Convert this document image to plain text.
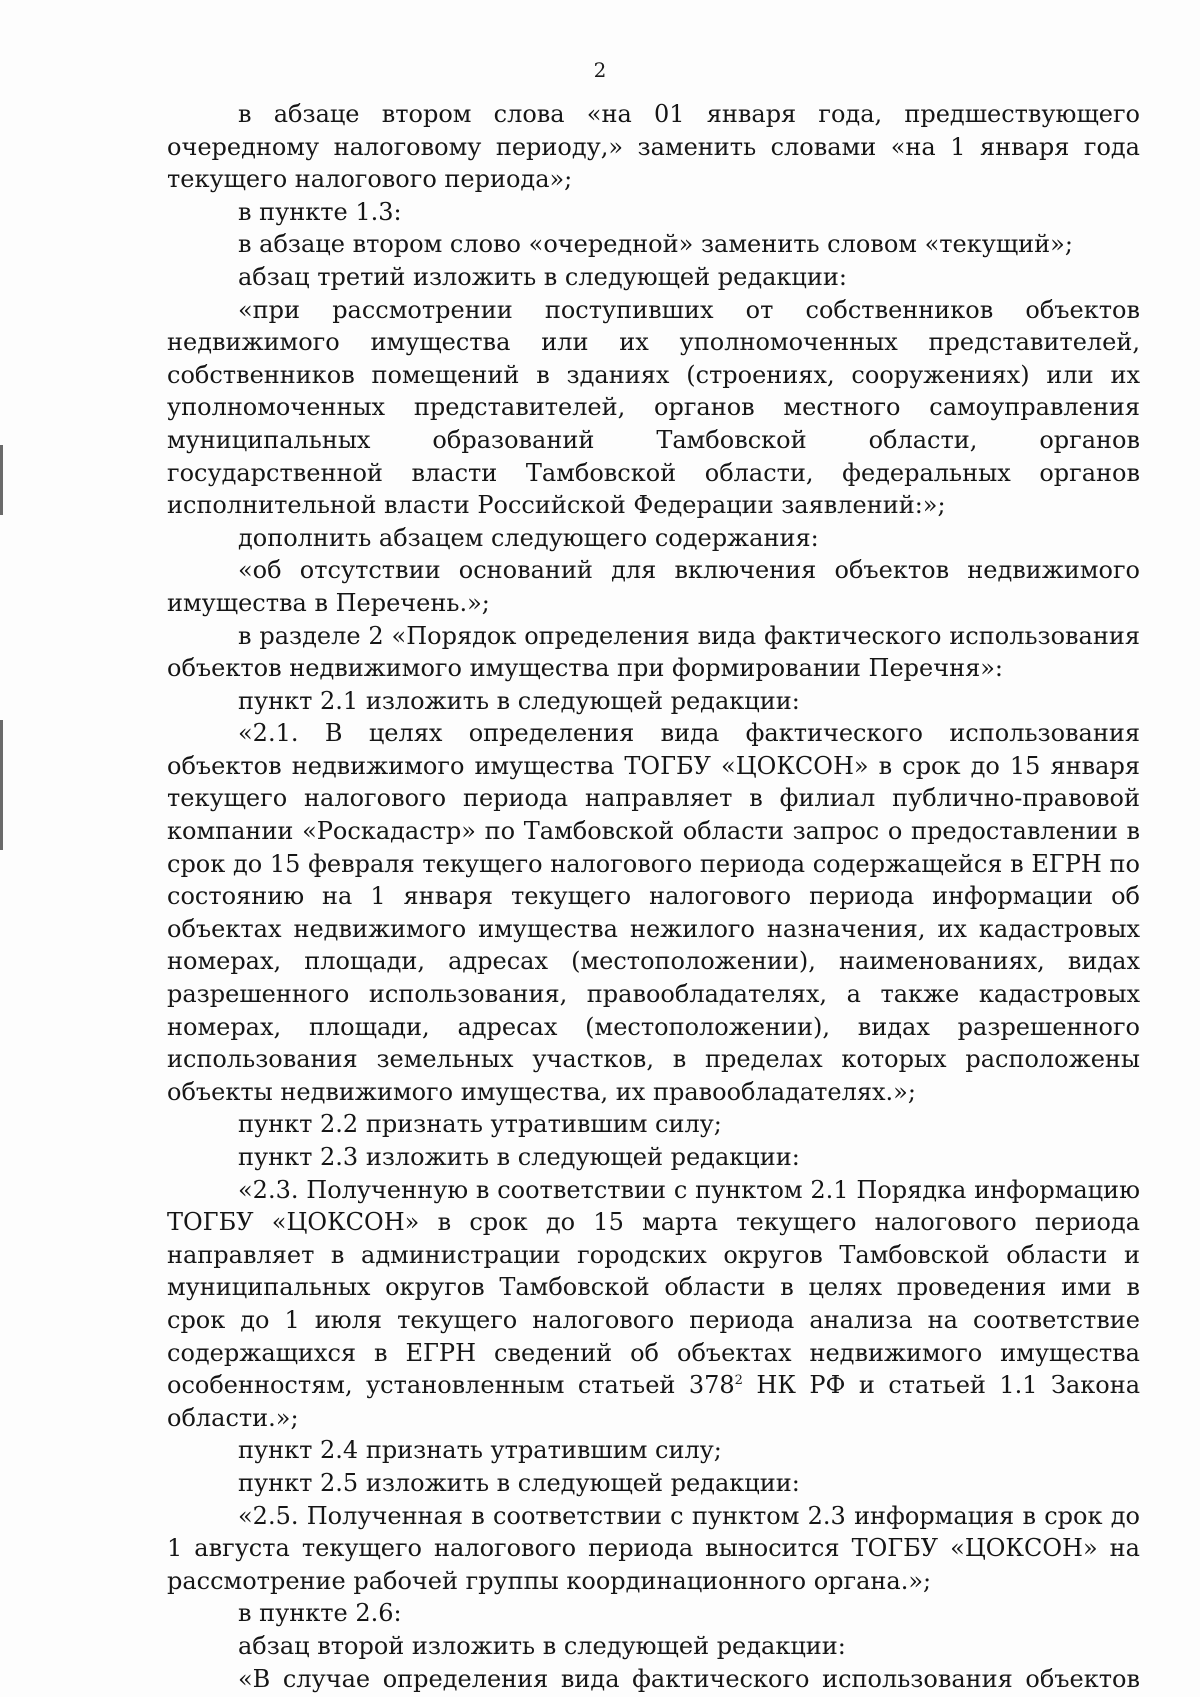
2

в абзаце втором слова «на 01 января года, предшествующего очередному налоговому периоду,» заменить словами «на 1 января года текущего налогового периода»;

в пункте 1.3:

в абзаце втором слово «очередной» заменить словом «текущий»;

абзац третий изложить в следующей редакции:

«при рассмотрении поступивших от собственников объектов недвижимого имущества или их уполномоченных представителей, собственников помещений в зданиях (строениях, сооружениях) или их уполномоченных представителей, органов местного самоуправления муниципальных образований Тамбовской области, органов государственной власти Тамбовской области, федеральных органов исполнительной власти Российской Федерации заявлений:»;

дополнить абзацем следующего содержания:

«об отсутствии оснований для включения объектов недвижимого имущества в Перечень.»;

в разделе 2 «Порядок определения вида фактического использования объектов недвижимого имущества при формировании Перечня»:

пункт 2.1 изложить в следующей редакции:

«2.1. В целях определения вида фактического использования объектов недвижимого имущества ТОГБУ «ЦОКСОН» в срок до 15 января текущего налогового периода направляет в филиал публично-правовой компании «Роскадастр» по Тамбовской области запрос о предоставлении в срок до 15 февраля текущего налогового периода содержащейся в ЕГРН по состоянию на 1 января текущего налогового периода информации об объектах недвижимого имущества нежилого назначения, их кадастровых номерах, площади, адресах (местоположении), наименованиях, видах разрешенного использования, правообладателях, а также кадастровых номерах, площади, адресах (местоположении), видах разрешенного использования земельных участков, в пределах которых расположены объекты недвижимого имущества, их правообладателях.»;

пункт 2.2 признать утратившим силу;

пункт 2.3 изложить в следующей редакции:

«2.3. Полученную в соответствии с пунктом 2.1 Порядка информацию ТОГБУ «ЦОКСОН» в срок до 15 марта текущего налогового периода направляет в администрации городских округов Тамбовской области и муниципальных округов Тамбовской области в целях проведения ими в срок до 1 июля текущего налогового периода анализа на соответствие содержащихся в ЕГРН сведений об объектах недвижимого имущества особенностям, установленным статьей $378^2$ НК РФ и статьей 1.1 Закона области.»;

пункт 2.4 признать утратившим силу;

пункт 2.5 изложить в следующей редакции:

«2.5. Полученная в соответствии с пунктом 2.3 информация в срок до 1 августа текущего налогового периода выносится ТОГБУ «ЦОКСОН» на рассмотрение рабочей группы координационного органа.»;

в пункте 2.6:

абзац второй изложить в следующей редакции:

«В случае определения вида фактического использования объектов
